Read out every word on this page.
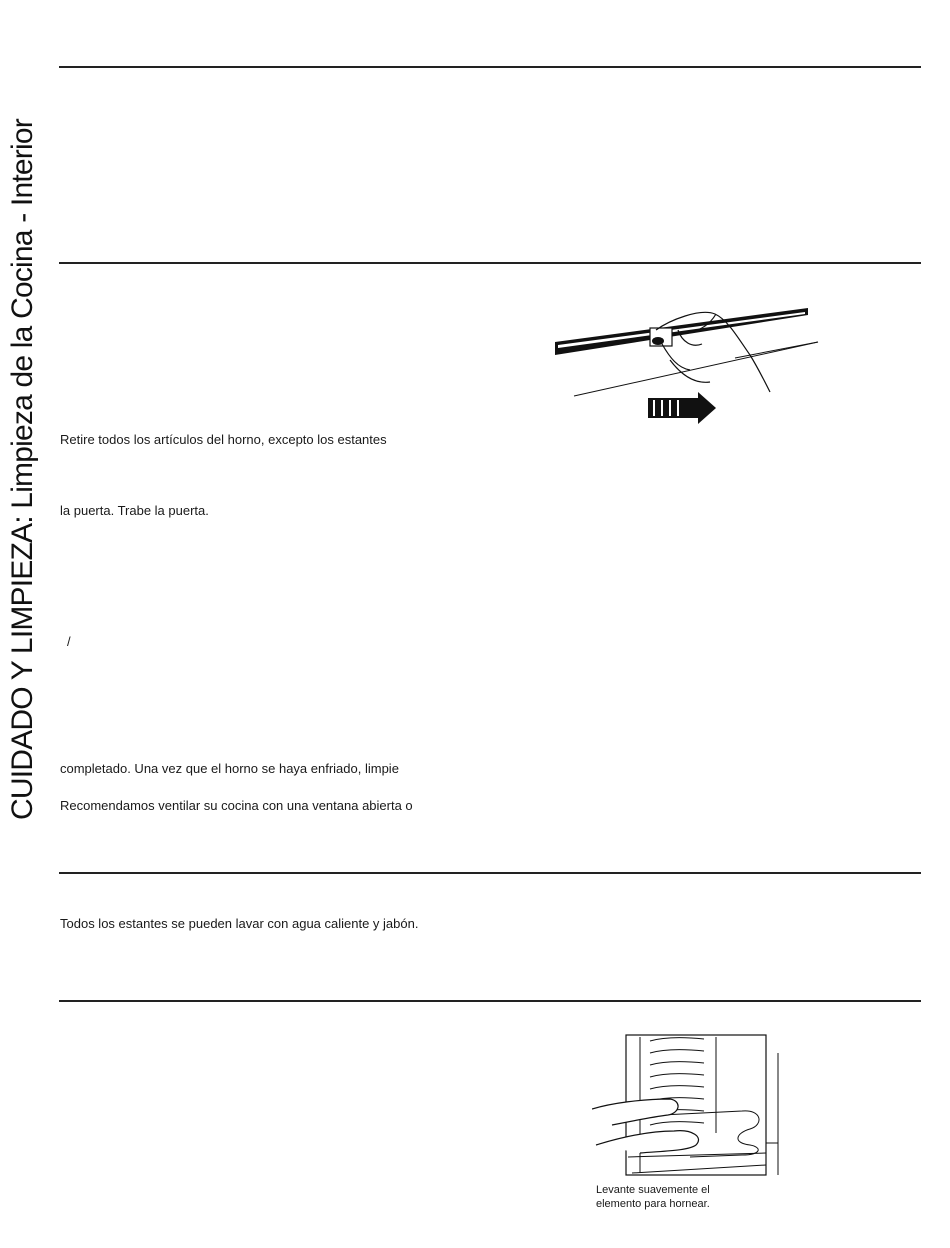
CUIDADO Y LIMPIEZA: Limpieza de la Cocina - Interior	Retire todos los artículos del horno, excepto los estantes
la puerta. Trabe la puerta.
/
completado. Una vez que el horno se haya enfriado, limpie
Recomendamos ventilar su cocina con una ventana abierta o
Todos los estantes se pueden lavar con agua caliente y jabón.
Levante suavemente el
elemento para hornear.
